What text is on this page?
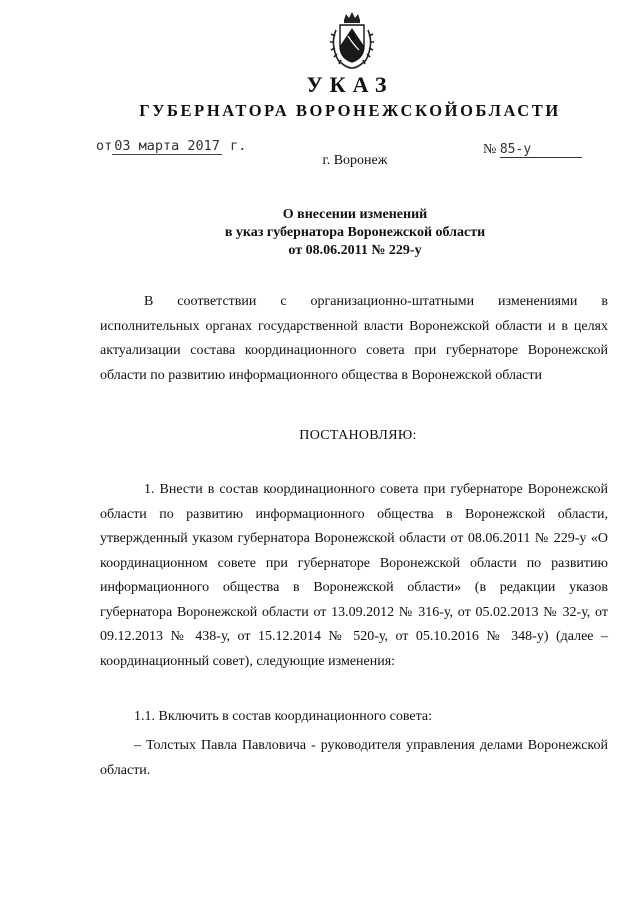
УКАЗ
ГУБЕРНАТОРА ВОРОНЕЖСКОЙОБЛАСТИ
от 03 марта 2017 г.	№ 85-у
г. Воронеж
О внесении изменений
в указ губернатора Воронежской области
от 08.06.2011 № 229-у

В соответствии с организационно-штатными изменениями в исполнительных органах государственной власти Воронежской области и в целях актуализации состава координационного совета при губернаторе Воронежской области по развитию информационного общества в Воронежской области

ПОСТАНОВЛЯЮ:

1. Внести в состав координационного совета при губернаторе Воронежской области по развитию информационного общества в Воронежской области, утвержденный указом губернатора Воронежской области от 08.06.2011 № 229-у «О координационном совете при губернаторе Воронежской области по развитию информационного общества в Воронежской области» (в редакции указов губернатора Воронежской области от 13.09.2012 № 316-у, от 05.02.2013 № 32-у, от 09.12.2013 № 438-у, от 15.12.2014 № 520-у, от 05.10.2016 № 348-у) (далее – координационный совет), следующие изменения:

1.1. Включить в состав координационного совета:

– Толстых Павла Павловича - руководителя управления делами Воронежской области.
